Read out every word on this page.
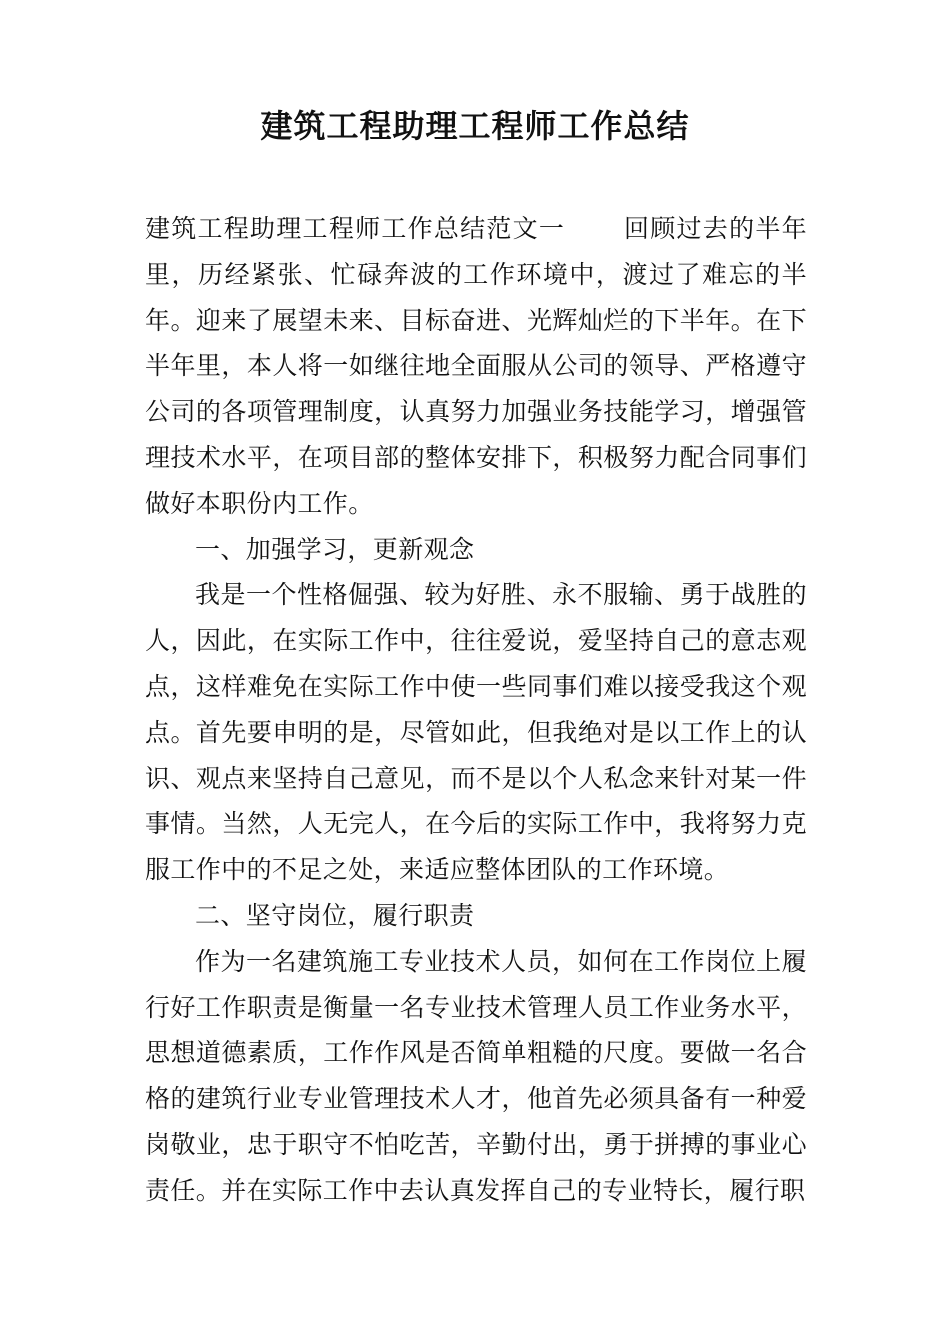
建筑工程助理工程师工作总结

建筑工程助理工程师工作总结范文一 回顾过去的半年里，历经紧张、忙碌奔波的工作环境中，渡过了难忘的半年。迎来了展望未来、目标奋进、光辉灿烂的下半年。在下半年里，本人将一如继往地全面服从公司的领导、严格遵守公司的各项管理制度，认真努力加强业务技能学习，增强管理技术水平，在项目部的整体安排下，积极努力配合同事们做好本职份内工作。

一、加强学习，更新观念

我是一个性格倔强、较为好胜、永不服输、勇于战胜的人，因此，在实际工作中，往往爱说，爱坚持自己的意志观点，这样难免在实际工作中使一些同事们难以接受我这个观点。首先要申明的是，尽管如此，但我绝对是以工作上的认识、观点来坚持自己意见，而不是以个人私念来针对某一件事情。当然，人无完人，在今后的实际工作中，我将努力克服工作中的不足之处，来适应整体团队的工作环境。

二、坚守岗位，履行职责

作为一名建筑施工专业技术人员，如何在工作岗位上履行好工作职责是衡量一名专业技术管理人员工作业务水平，思想道德素质，工作作风是否简单粗糙的尺度。要做一名合格的建筑行业专业管理技术人才，他首先必须具备有一种爱岗敬业，忠于职守不怕吃苦，辛勤付出，勇于拼搏的事业心责任。并在实际工作中去认真发挥自己的专业特长，履行职
